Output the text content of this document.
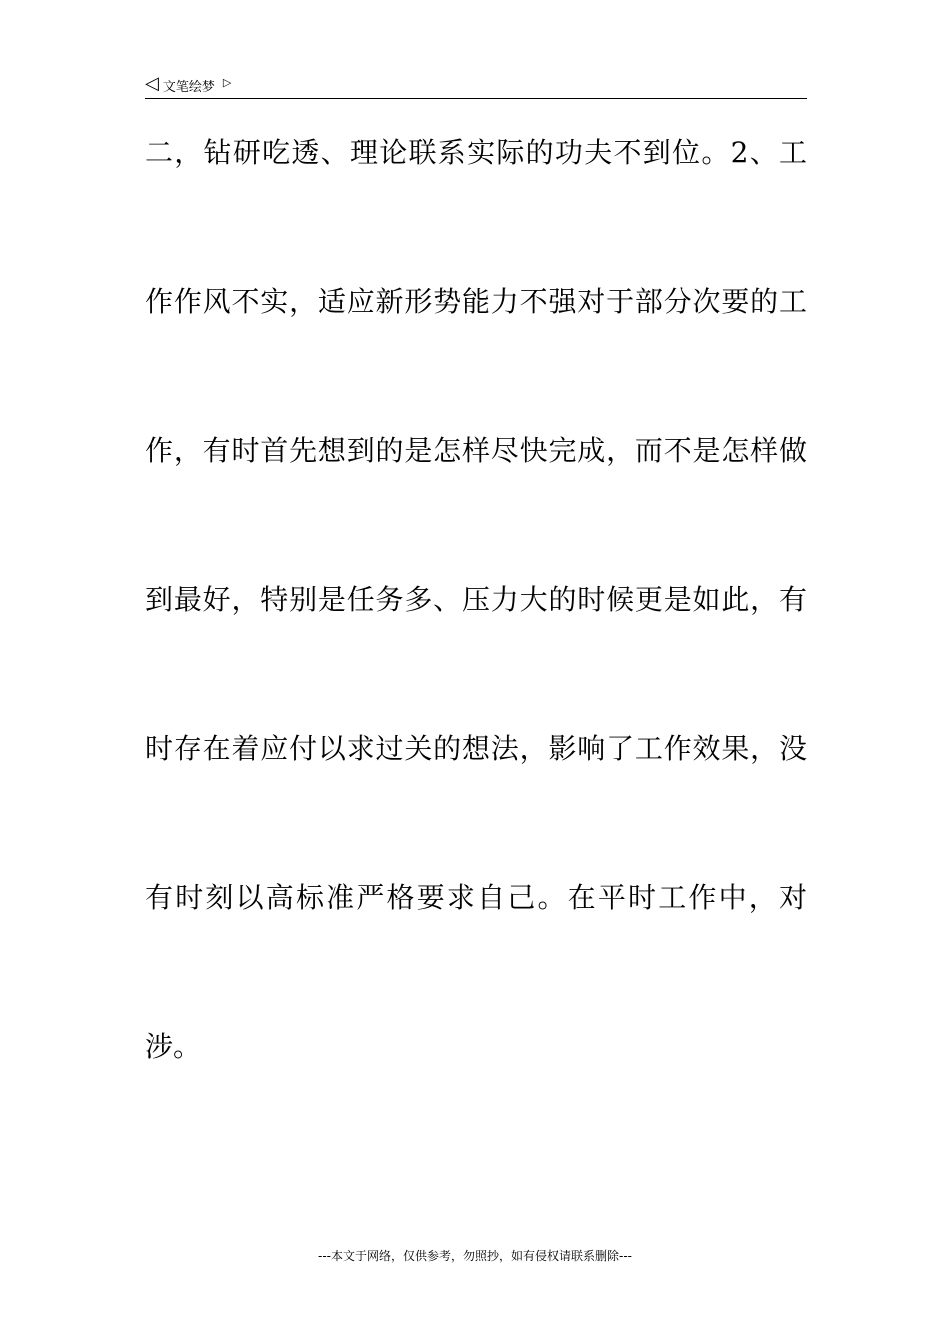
◁ 文笔绘梦 ▷
二，钻研吃透、理论联系实际的功夫不到位。2、工
作作风不实，适应新形势能力不强对于部分次要的工
作，有时首先想到的是怎样尽快完成，而不是怎样做
到最好，特别是任务多、压力大的时候更是如此，有
时存在着应付以求过关的想法，影响了工作效果，没
有时刻以高标准严格要求自己。在平时工作中，对
涉。
---本文于网络，仅供参考，勿照抄，如有侵权请联系删除---
